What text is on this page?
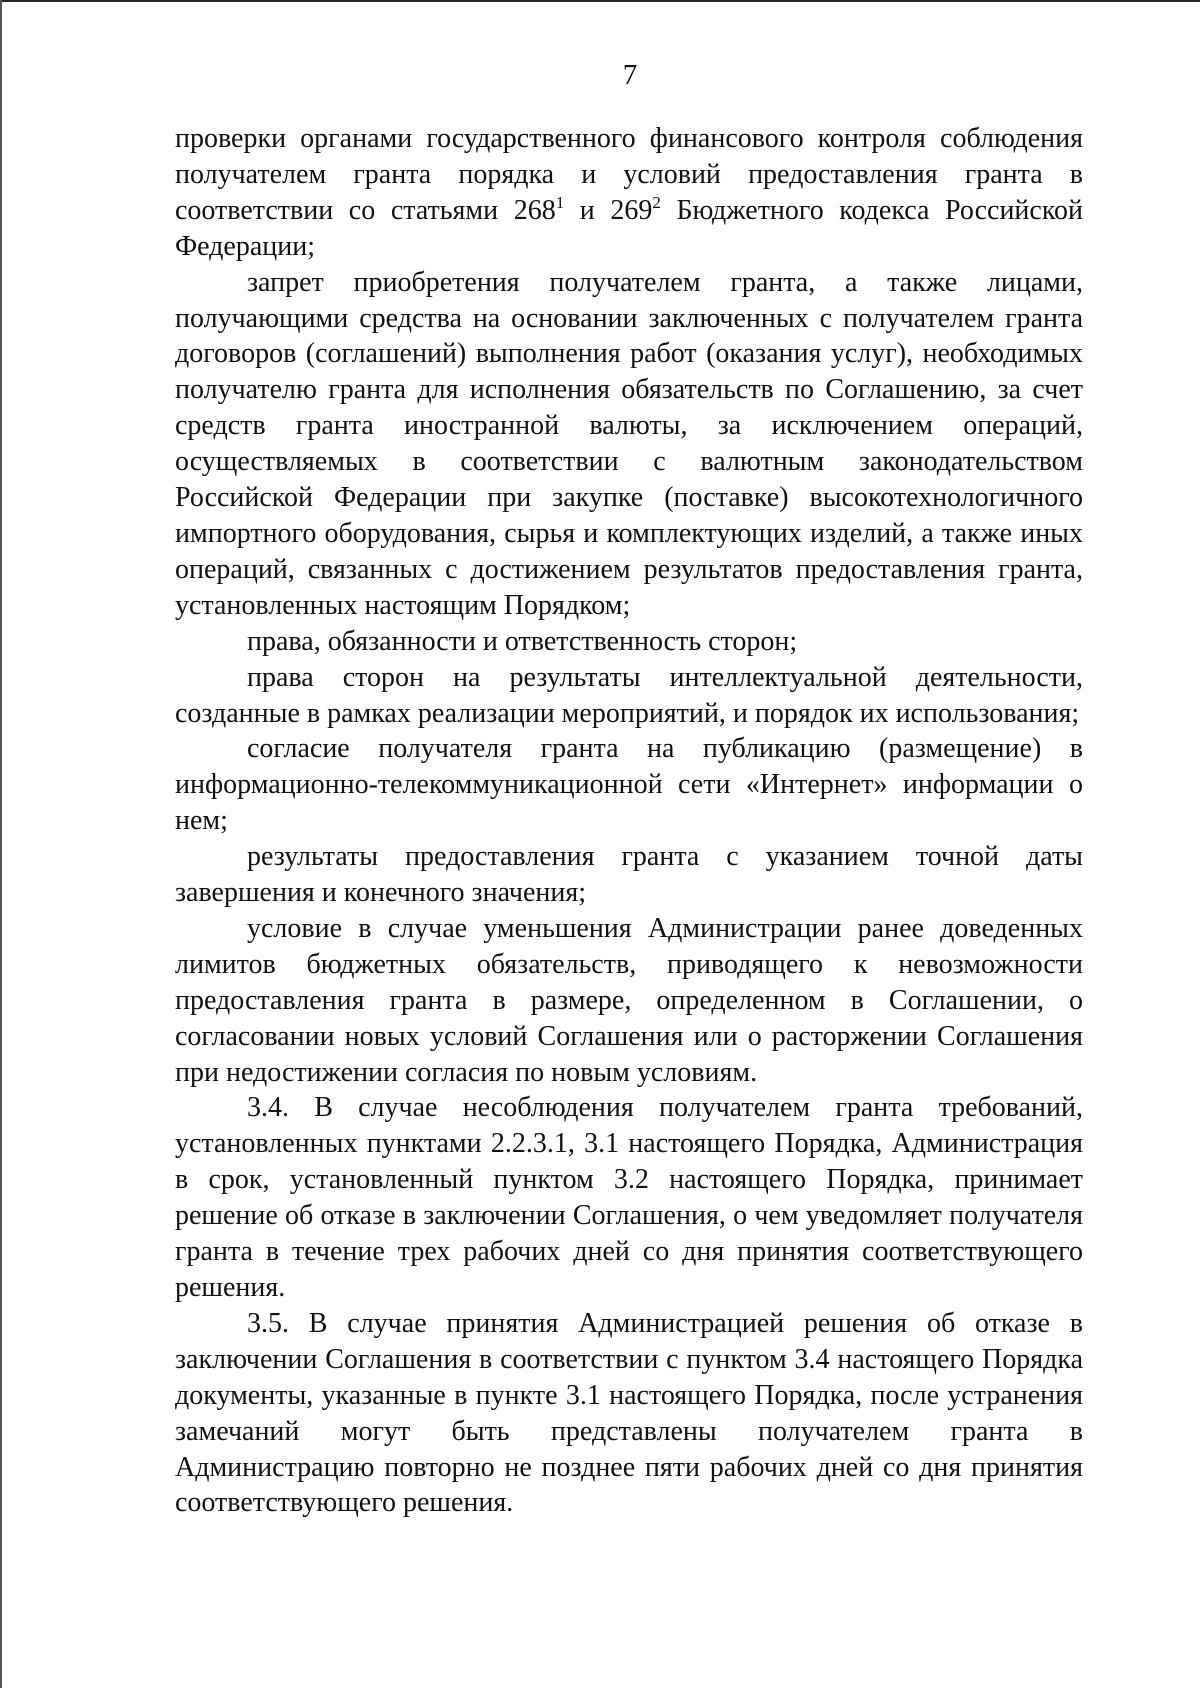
7

проверки органами государственного финансового контроля соблюдения получателем гранта порядка и условий предоставления гранта в соответствии со статьями $268^1$ и $269^2$ Бюджетного кодекса Российской Федерации;

запрет приобретения получателем гранта, а также лицами, получающими средства на основании заключенных с получателем гранта договоров (соглашений) выполнения работ (оказания услуг), необходимых получателю гранта для исполнения обязательств по Соглашению, за счет средств гранта иностранной валюты, за исключением операций, осуществляемых в соответствии с валютным законодательством Российской Федерации при закупке (поставке) высокотехнологичного импортного оборудования, сырья и комплектующих изделий, а также иных операций, связанных с достижением результатов предоставления гранта, установленных настоящим Порядком;

права, обязанности и ответственность сторон;

права сторон на результаты интеллектуальной деятельности, созданные в рамках реализации мероприятий, и порядок их использования;

согласие получателя гранта на публикацию (размещение) в информационно-телекоммуникационной сети «Интернет» информации о нем;

результаты предоставления гранта с указанием точной даты завершения и конечного значения;

условие в случае уменьшения Администрации ранее доведенных лимитов бюджетных обязательств, приводящего к невозможности предоставления гранта в размере, определенном в Соглашении, о согласовании новых условий Соглашения или о расторжении Соглашения при недостижении согласия по новым условиям.

3.4. В случае несоблюдения получателем гранта требований, установленных пунктами 2.2.3.1, 3.1 настоящего Порядка, Администрация в срок, установленный пунктом 3.2 настоящего Порядка, принимает решение об отказе в заключении Соглашения, о чем уведомляет получателя гранта в течение трех рабочих дней со дня принятия соответствующего решения.

3.5. В случае принятия Администрацией решения об отказе в заключении Соглашения в соответствии с пунктом 3.4 настоящего Порядка документы, указанные в пункте 3.1 настоящего Порядка, после устранения замечаний могут быть представлены получателем гранта в Администрацию повторно не позднее пяти рабочих дней со дня принятия соответствующего решения.
